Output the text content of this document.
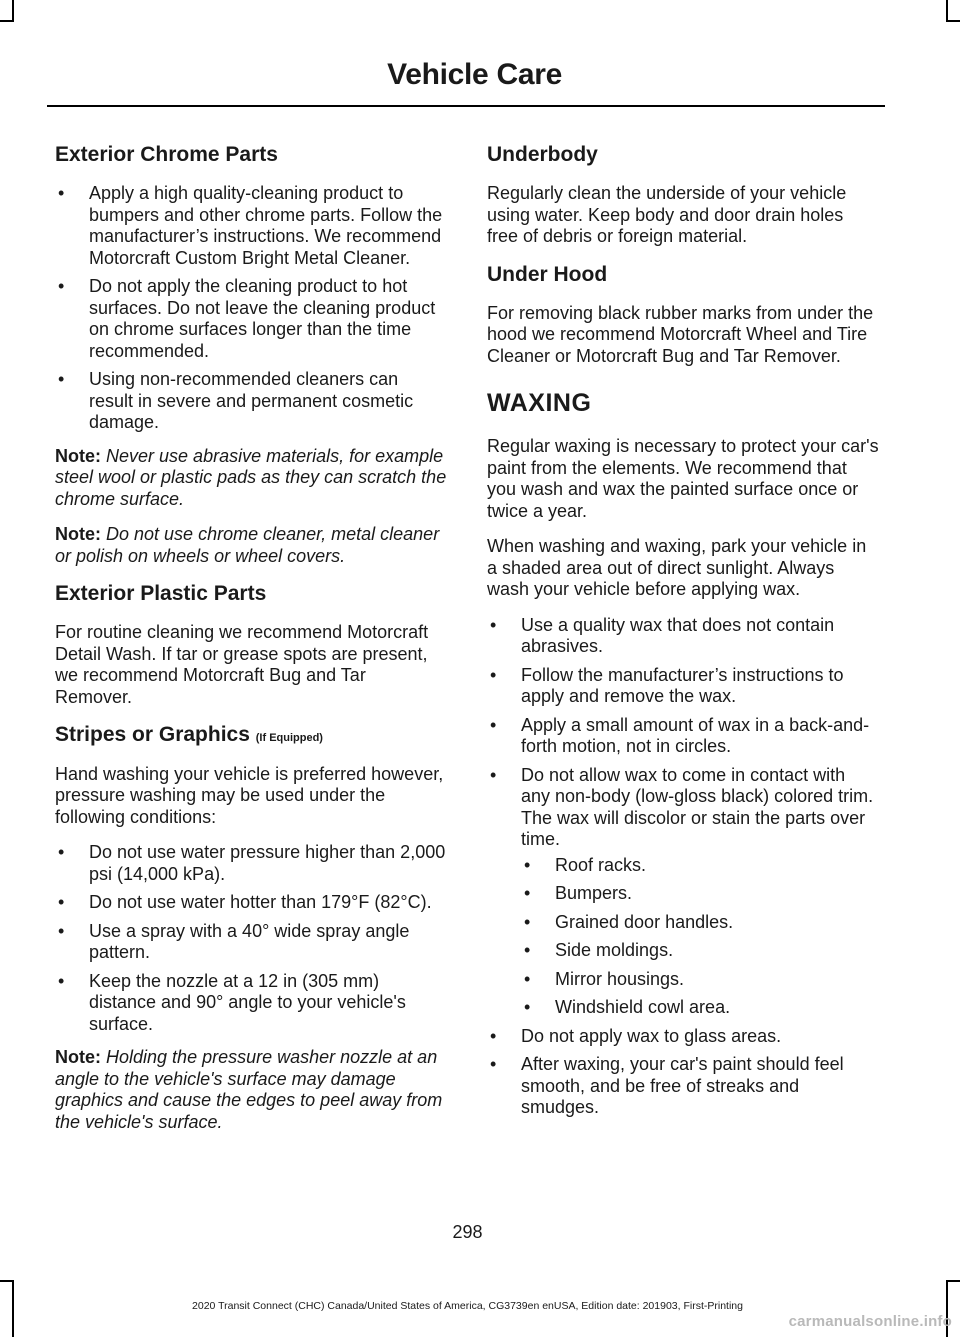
Vehicle Care
Exterior Chrome Parts
• Apply a high quality-cleaning product to bumpers and other chrome parts. Follow the manufacturer’s instructions. We recommend Motorcraft Custom Bright Metal Cleaner.
• Do not apply the cleaning product to hot surfaces. Do not leave the cleaning product on chrome surfaces longer than the time recommended.
• Using non-recommended cleaners can result in severe and permanent cosmetic damage.
Note: Never use abrasive materials, for example steel wool or plastic pads as they can scratch the chrome surface.
Note: Do not use chrome cleaner, metal cleaner or polish on wheels or wheel covers.
Exterior Plastic Parts
For routine cleaning we recommend Motorcraft Detail Wash. If tar or grease spots are present, we recommend Motorcraft Bug and Tar Remover.
Stripes or Graphics (If Equipped)
Hand washing your vehicle is preferred however, pressure washing may be used under the following conditions:
• Do not use water pressure higher than 2,000 psi (14,000 kPa).
• Do not use water hotter than 179°F (82°C).
• Use a spray with a 40° wide spray angle pattern.
• Keep the nozzle at a 12 in (305 mm) distance and 90° angle to your vehicle's surface.
Note: Holding the pressure washer nozzle at an angle to the vehicle's surface may damage graphics and cause the edges to peel away from the vehicle's surface.
Underbody
Regularly clean the underside of your vehicle using water. Keep body and door drain holes free of debris or foreign material.
Under Hood
For removing black rubber marks from under the hood we recommend Motorcraft Wheel and Tire Cleaner or Motorcraft Bug and Tar Remover.
WAXING
Regular waxing is necessary to protect your car's paint from the elements. We recommend that you wash and wax the painted surface once or twice a year.
When washing and waxing, park your vehicle in a shaded area out of direct sunlight. Always wash your vehicle before applying wax.
• Use a quality wax that does not contain abrasives.
• Follow the manufacturer’s instructions to apply and remove the wax.
• Apply a small amount of wax in a back-and-forth motion, not in circles.
• Do not allow wax to come in contact with any non-body (low-gloss black) colored trim. The wax will discolor or stain the parts over time.
• Roof racks.
• Bumpers.
• Grained door handles.
• Side moldings.
• Mirror housings.
• Windshield cowl area.
• Do not apply wax to glass areas.
• After waxing, your car's paint should feel smooth, and be free of streaks and smudges.
298
2020 Transit Connect (CHC) Canada/United States of America, CG3739en enUSA, Edition date: 201903, First-Printing
carmanualsonline.info
